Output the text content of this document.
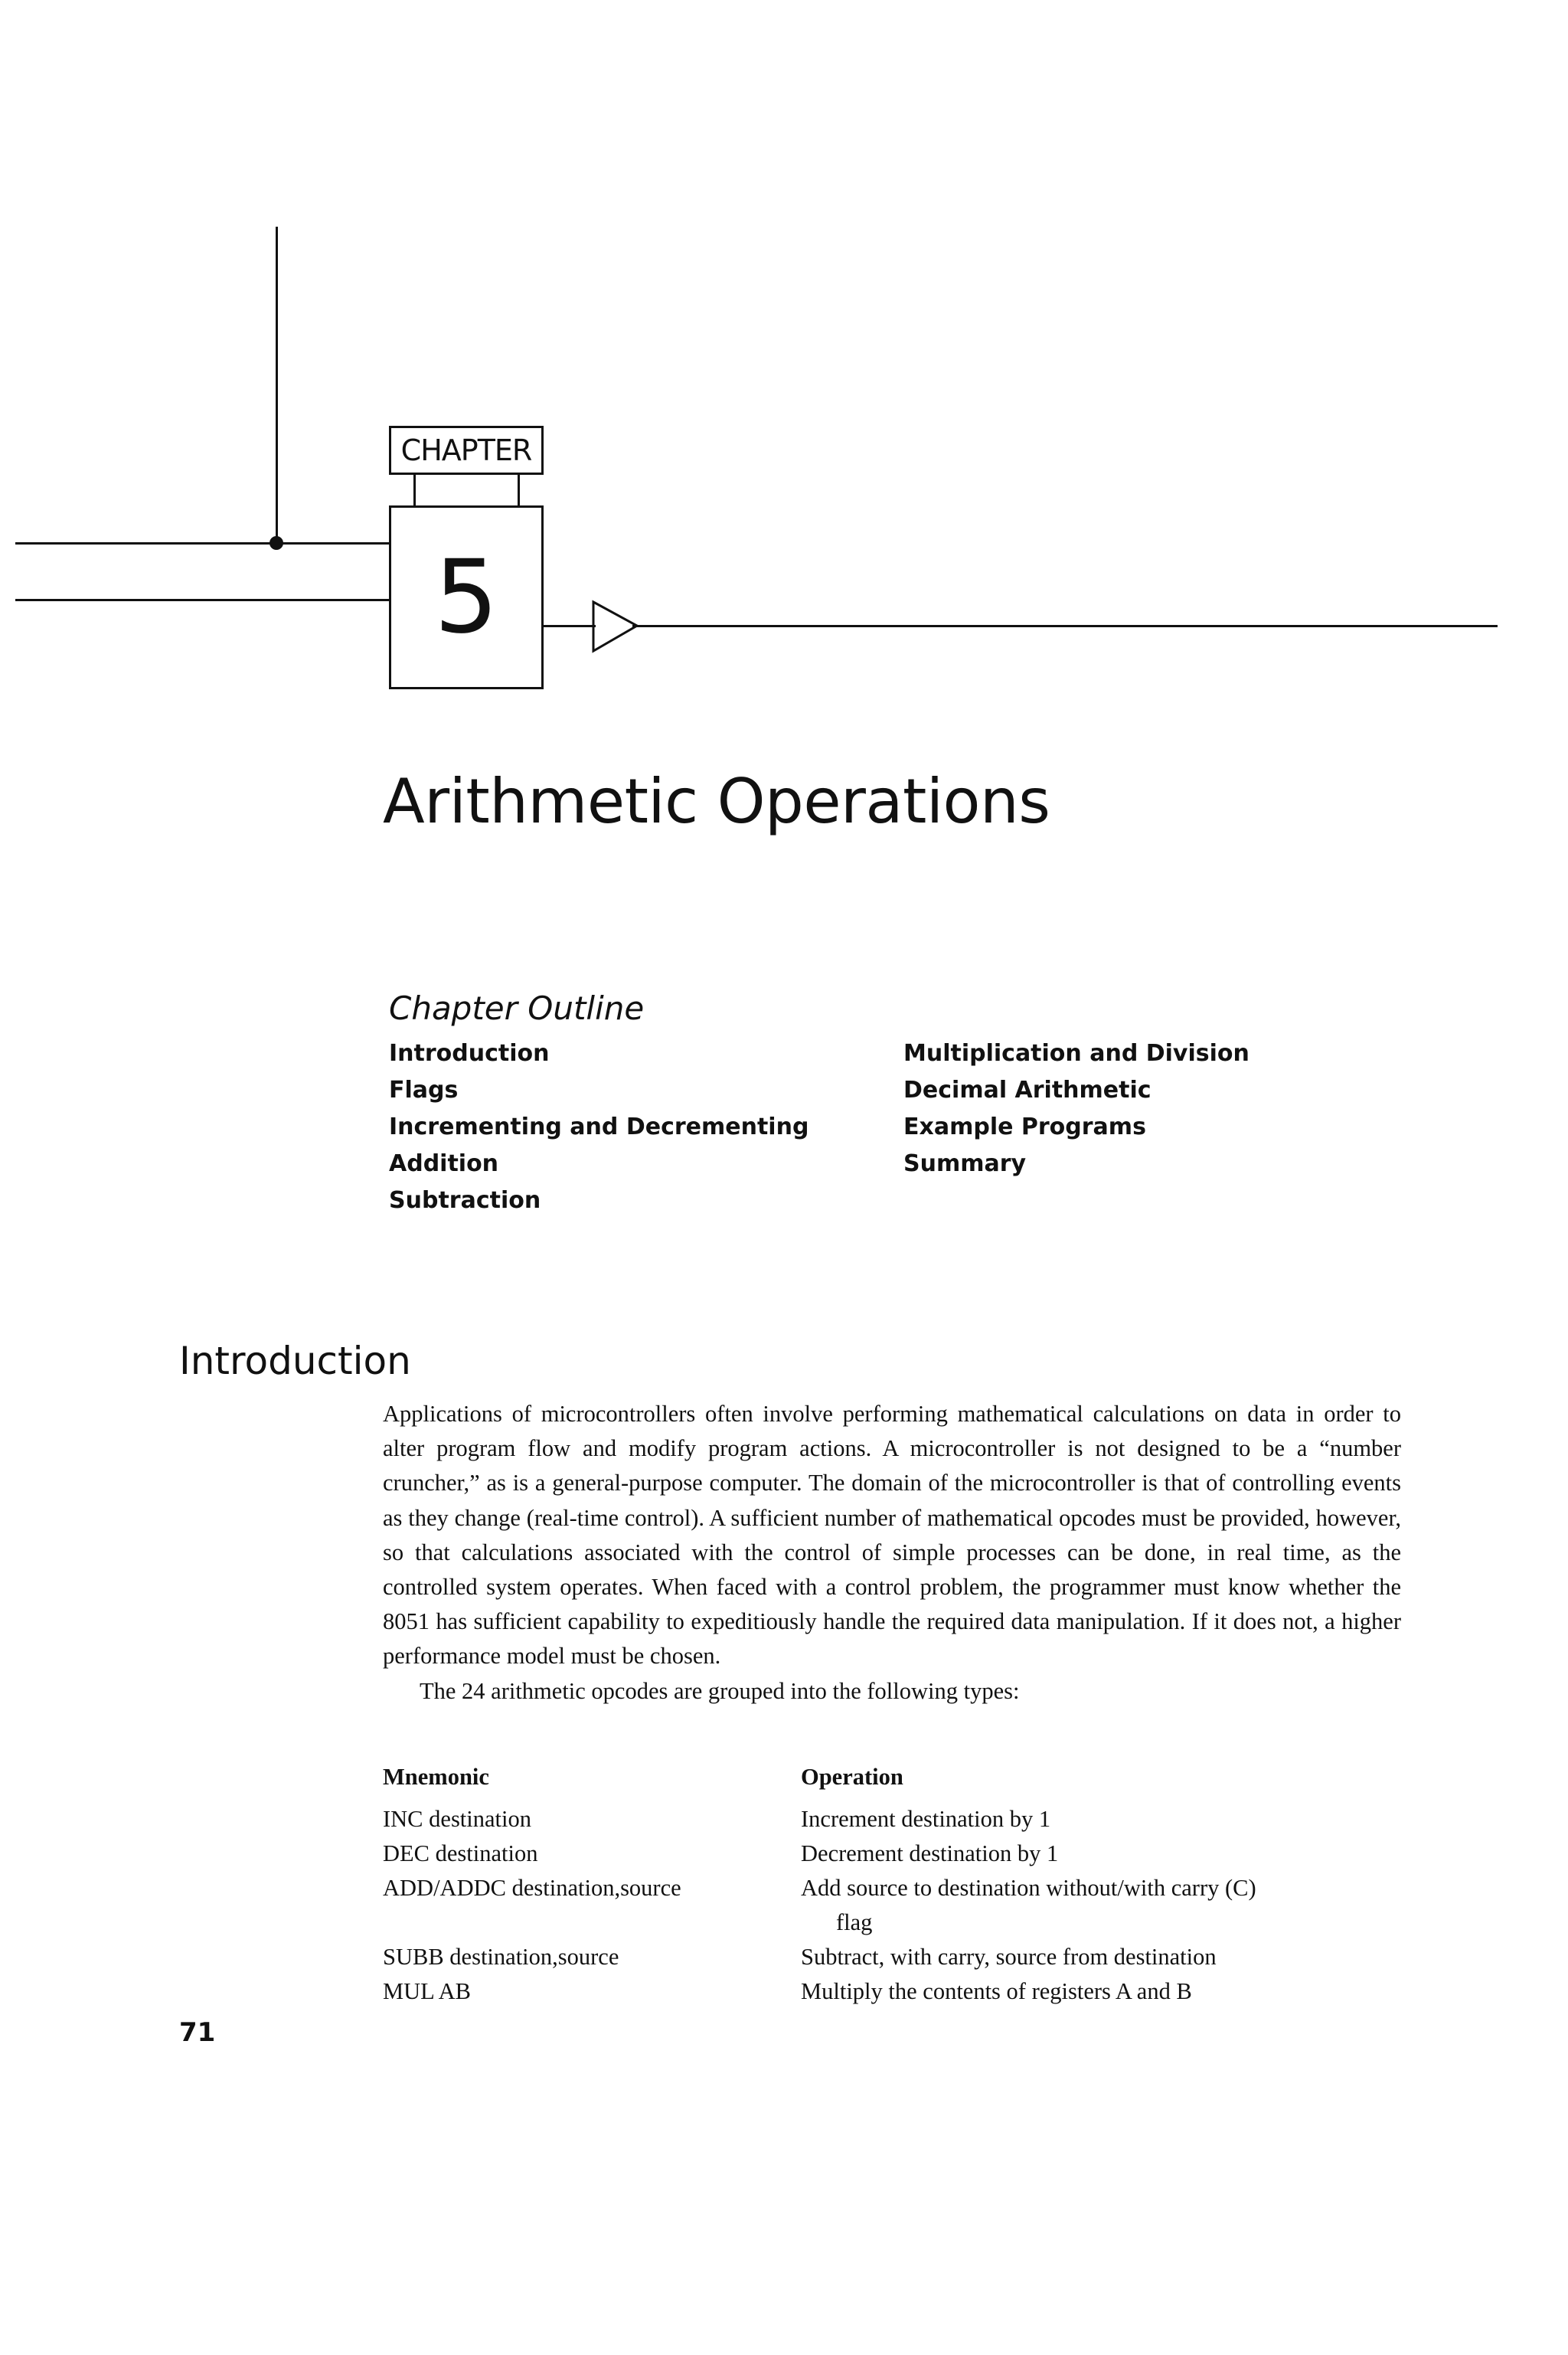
CHAPTER
5
Arithmetic Operations
Chapter Outline
Introduction
Flags
Incrementing and Decrementing
Addition
Subtraction
Multiplication and Division
Decimal Arithmetic
Example Programs
Summary
Introduction

Applications of microcontrollers often involve performing mathematical calculations on data in order to alter program flow and modify program actions. A microcontroller is not designed to be a “number cruncher,” as is a general-purpose computer. The domain of the microcontroller is that of controlling events as they change (real-time control). A sufficient number of mathematical opcodes must be provided, however, so that calculations associated with the control of simple processes can be done, in real time, as the controlled system operates. When faced with a control problem, the programmer must know whether the 8051 has sufficient capability to expeditiously handle the required data manipulation. If it does not, a higher performance model must be chosen.

The 24 arithmetic opcodes are grouped into the following types:

Mnemonic	Operation
INC destination	Increment destination by 1
DEC destination	Decrement destination by 1
ADD/ADDC destination,source	Add source to destination without/with carry (C)
flag
SUBB destination,source	Subtract, with carry, source from destination
MUL AB	Multiply the contents of registers A and B
71
